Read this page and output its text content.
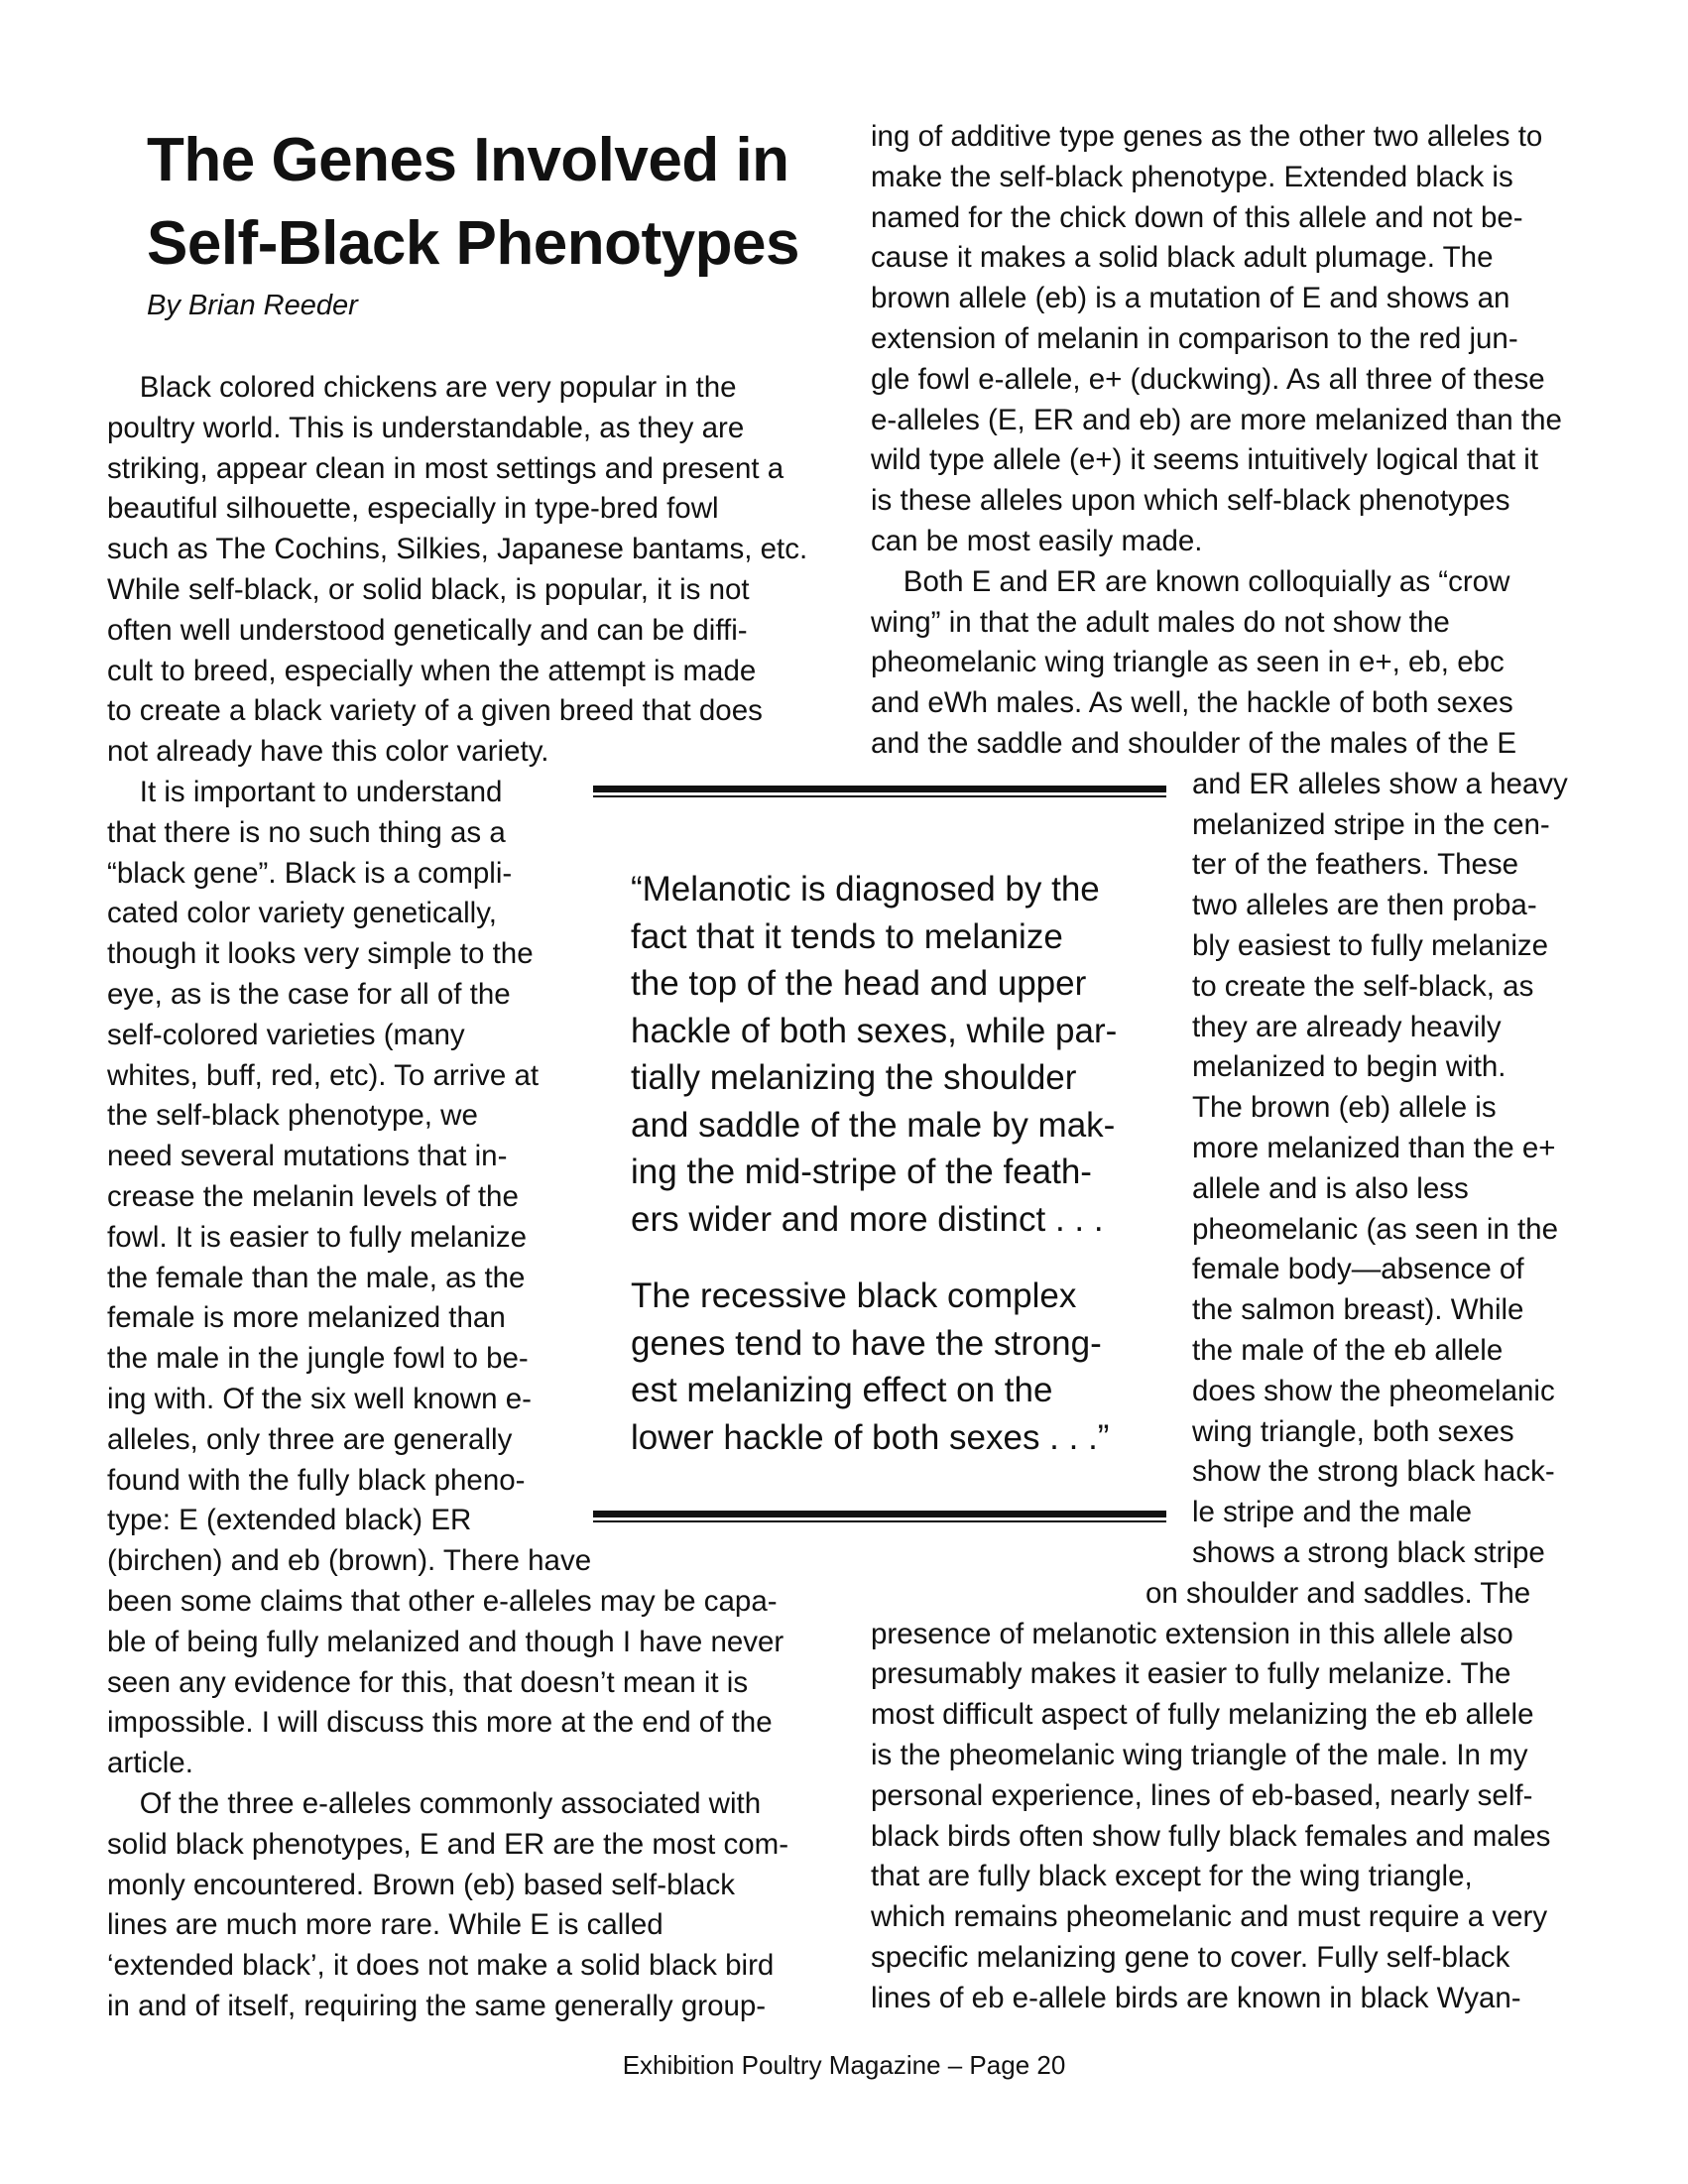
The Genes Involved in
Self-Black Phenotypes

By Brian Reeder

Black colored chickens are very popular in the

poultry world. This is understandable, as they are

striking, appear clean in most settings and present a

beautiful silhouette, especially in type-bred fowl

such as The Cochins, Silkies, Japanese bantams, etc.

While self-black, or solid black, is popular, it is not

often well understood genetically and can be diffi-

cult to breed, especially when the attempt is made

to create a black variety of a given breed that does

not already have this color variety.

It is important to understand

that there is no such thing as a

“black gene”. Black is a compli-

cated color variety genetically,

though it looks very simple to the

eye, as is the case for all of the

self-colored varieties (many

whites, buff, red, etc). To arrive at

the self-black phenotype, we

need several mutations that in-

crease the melanin levels of the

fowl. It is easier to fully melanize

the female than the male, as the

female is more melanized than

the male in the jungle fowl to be-

ing with. Of the six well known e-

alleles, only three are generally

found with the fully black pheno-

type: E (extended black) ER

(birchen) and eb (brown). There have

been some claims that other e-alleles may be capa-

ble of being fully melanized and though I have never

seen any evidence for this, that doesn’t mean it is

impossible. I will discuss this more at the end of the

article.

Of the three e-alleles commonly associated with

solid black phenotypes, E and ER are the most com-

monly encountered. Brown (eb) based self-black

lines are much more rare. While E is called

‘extended black’, it does not make a solid black bird

in and of itself, requiring the same generally group-

ing of additive type genes as the other two alleles to

make the self-black phenotype. Extended black is

named for the chick down of this allele and not be-

cause it makes a solid black adult plumage. The

brown allele (eb) is a mutation of E and shows an

extension of melanin in comparison to the red jun-

gle fowl e-allele, e+ (duckwing). As all three of these

e-alleles (E, ER and eb) are more melanized than the

wild type allele (e+) it seems intuitively logical that it

is these alleles upon which self-black phenotypes

can be most easily made.

Both E and ER are known colloquially as “crow

wing” in that the adult males do not show the

pheomelanic wing triangle as seen in e+, eb, ebc

and eWh males. As well, the hackle of both sexes

and the saddle and shoulder of the males of the E

and ER alleles show a heavy

melanized stripe in the cen-

ter of the feathers. These

two alleles are then proba-

bly easiest to fully melanize

to create the self-black, as

they are already heavily

melanized to begin with.

The brown (eb) allele is

more melanized than the e+

allele and is also less

pheomelanic (as seen in the

female body—absence of

the salmon breast). While

the male of the eb allele

does show the pheomelanic

wing triangle, both sexes

show the strong black hack-

le stripe and the male

shows a strong black stripe

on shoulder and saddles. The

presence of melanotic extension in this allele also

presumably makes it easier to fully melanize. The

most difficult aspect of fully melanizing the eb allele

is the pheomelanic wing triangle of the male. In my

personal experience, lines of eb-based, nearly self-

black birds often show fully black females and males

that are fully black except for the wing triangle,

which remains pheomelanic and must require a very

specific melanizing gene to cover. Fully self-black

lines of eb e-allele birds are known in black Wyan-

“Melanotic is diagnosed by the
fact that it tends to melanize
the top of the head and upper
hackle of both sexes, while par-
tially melanizing the shoulder
and saddle of the male by mak-
ing the mid-stripe of the feath-
ers wider and more distinct . . .
The recessive black complex
genes tend to have the strong-
est melanizing effect on the
lower hackle of both sexes . . .”

Exhibition Poultry Magazine – Page 20
